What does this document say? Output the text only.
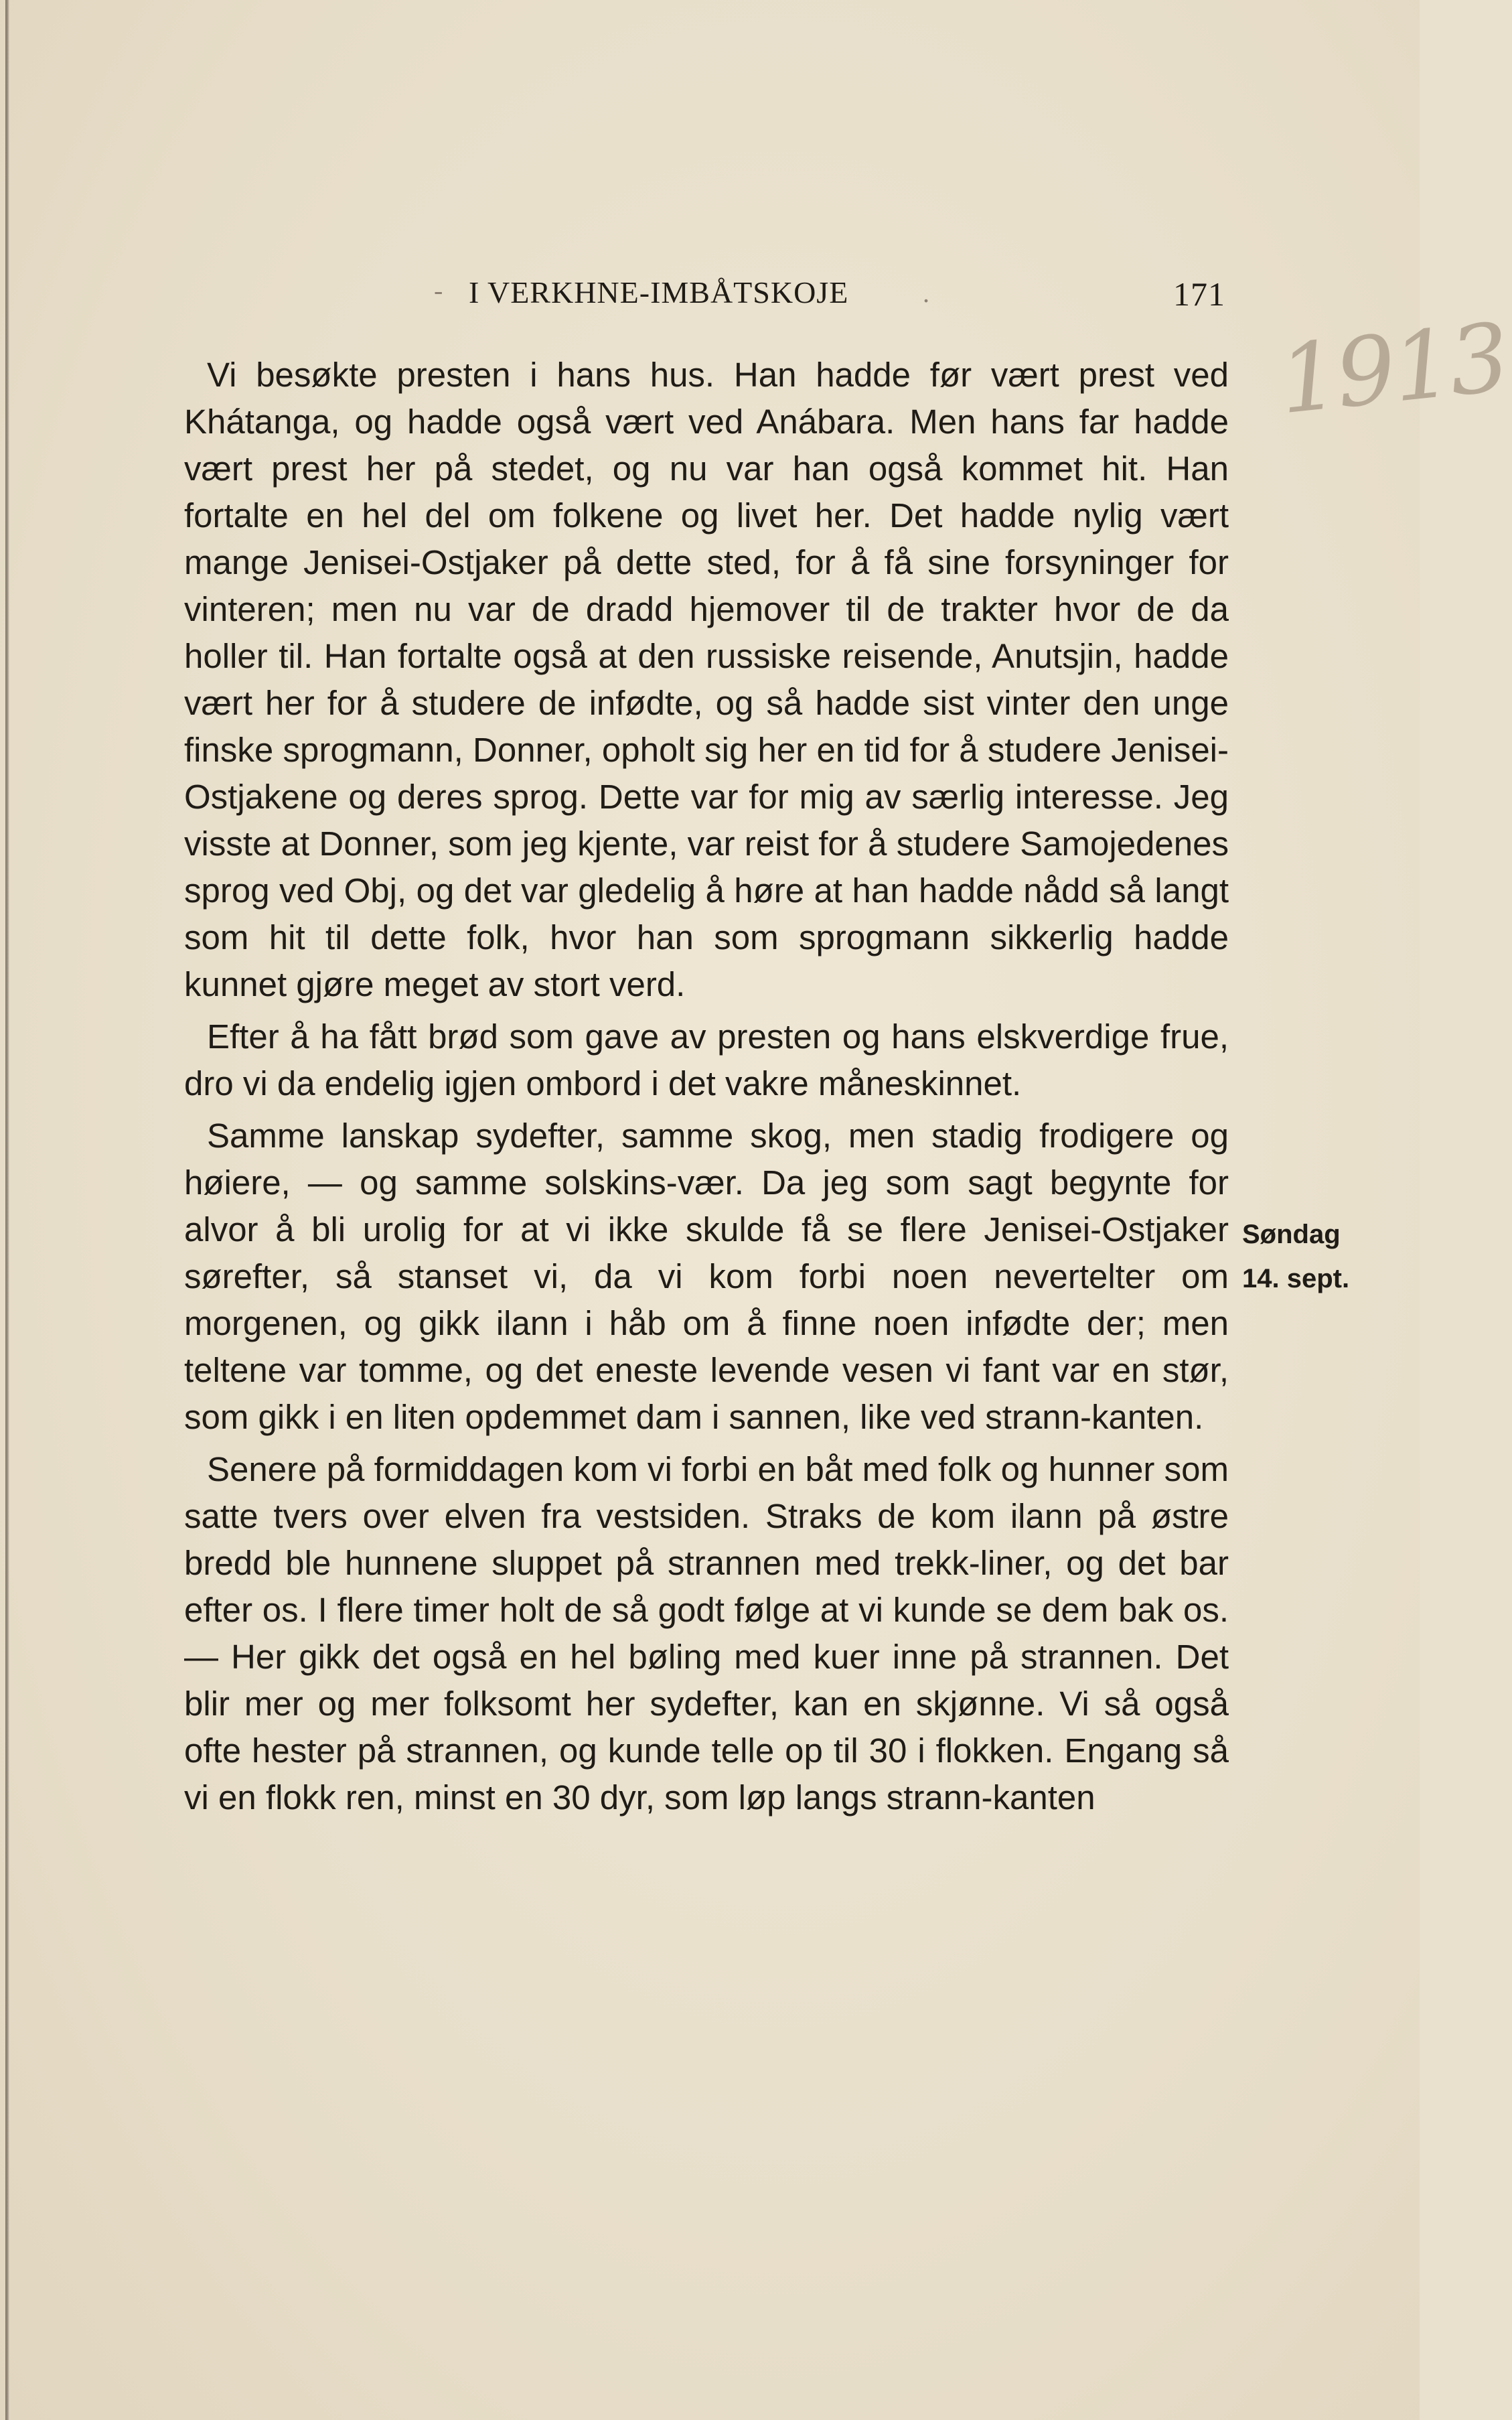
- I VERKHNE-IMBÅTSKOJE	.	171
1913

Vi besøkte presten i hans hus. Han hadde før vært prest ved Khátanga, og hadde også vært ved Anábara. Men hans far hadde vært prest her på stedet, og nu var han også kommet hit. Han fortalte en hel del om folkene og livet her. Det hadde nylig vært mange Jenisei-Ostjaker på dette sted, for å få sine forsyninger for vinteren; men nu var de dradd hjemover til de trakter hvor de da holler til. Han fortalte også at den russiske reisende, Anutsjin, hadde vært her for å studere de infødte, og så hadde sist vinter den unge finske sprogmann, Donner, opholt sig her en tid for å studere Jenisei-Ostjakene og deres sprog. Dette var for mig av særlig interesse. Jeg visste at Donner, som jeg kjente, var reist for å studere Samojedenes sprog ved Obj, og det var gledelig å høre at han hadde nådd så langt som hit til dette folk, hvor han som sprogmann sikkerlig hadde kunnet gjøre meget av stort verd.

Efter å ha fått brød som gave av presten og hans elskverdige frue, dro vi da endelig igjen ombord i det vakre måneskinnet.

Samme lanskap sydefter, samme skog, men stadig frodigere og høiere, — og samme solskins-vær. Da jeg som sagt begynte for alvor å bli urolig for at vi ikke skulde få se flere Jenisei-Ostjaker sørefter, så stanset vi, da vi kom forbi noen nevertelter om morgenen, og gikk ilann i håb om å finne noen infødte der; men teltene var tomme, og det eneste levende vesen vi fant var en stør, som gikk i en liten opdemmet dam i sannen, like ved strann-kanten.

Senere på formiddagen kom vi forbi en båt med folk og hunner som satte tvers over elven fra vestsiden. Straks de kom ilann på østre bredd ble hunnene sluppet på strannen med trekk-liner, og det bar efter os. I flere timer holt de så godt følge at vi kunde se dem bak os. — Her gikk det også en hel bøling med kuer inne på strannen. Det blir mer og mer folksomt her sydefter, kan en skjønne. Vi så også ofte hester på strannen, og kunde telle op til 30 i flokken. Engang så vi en flokk ren, minst en 30 dyr, som løp langs strann-kanten

Søndag
14. sept.
